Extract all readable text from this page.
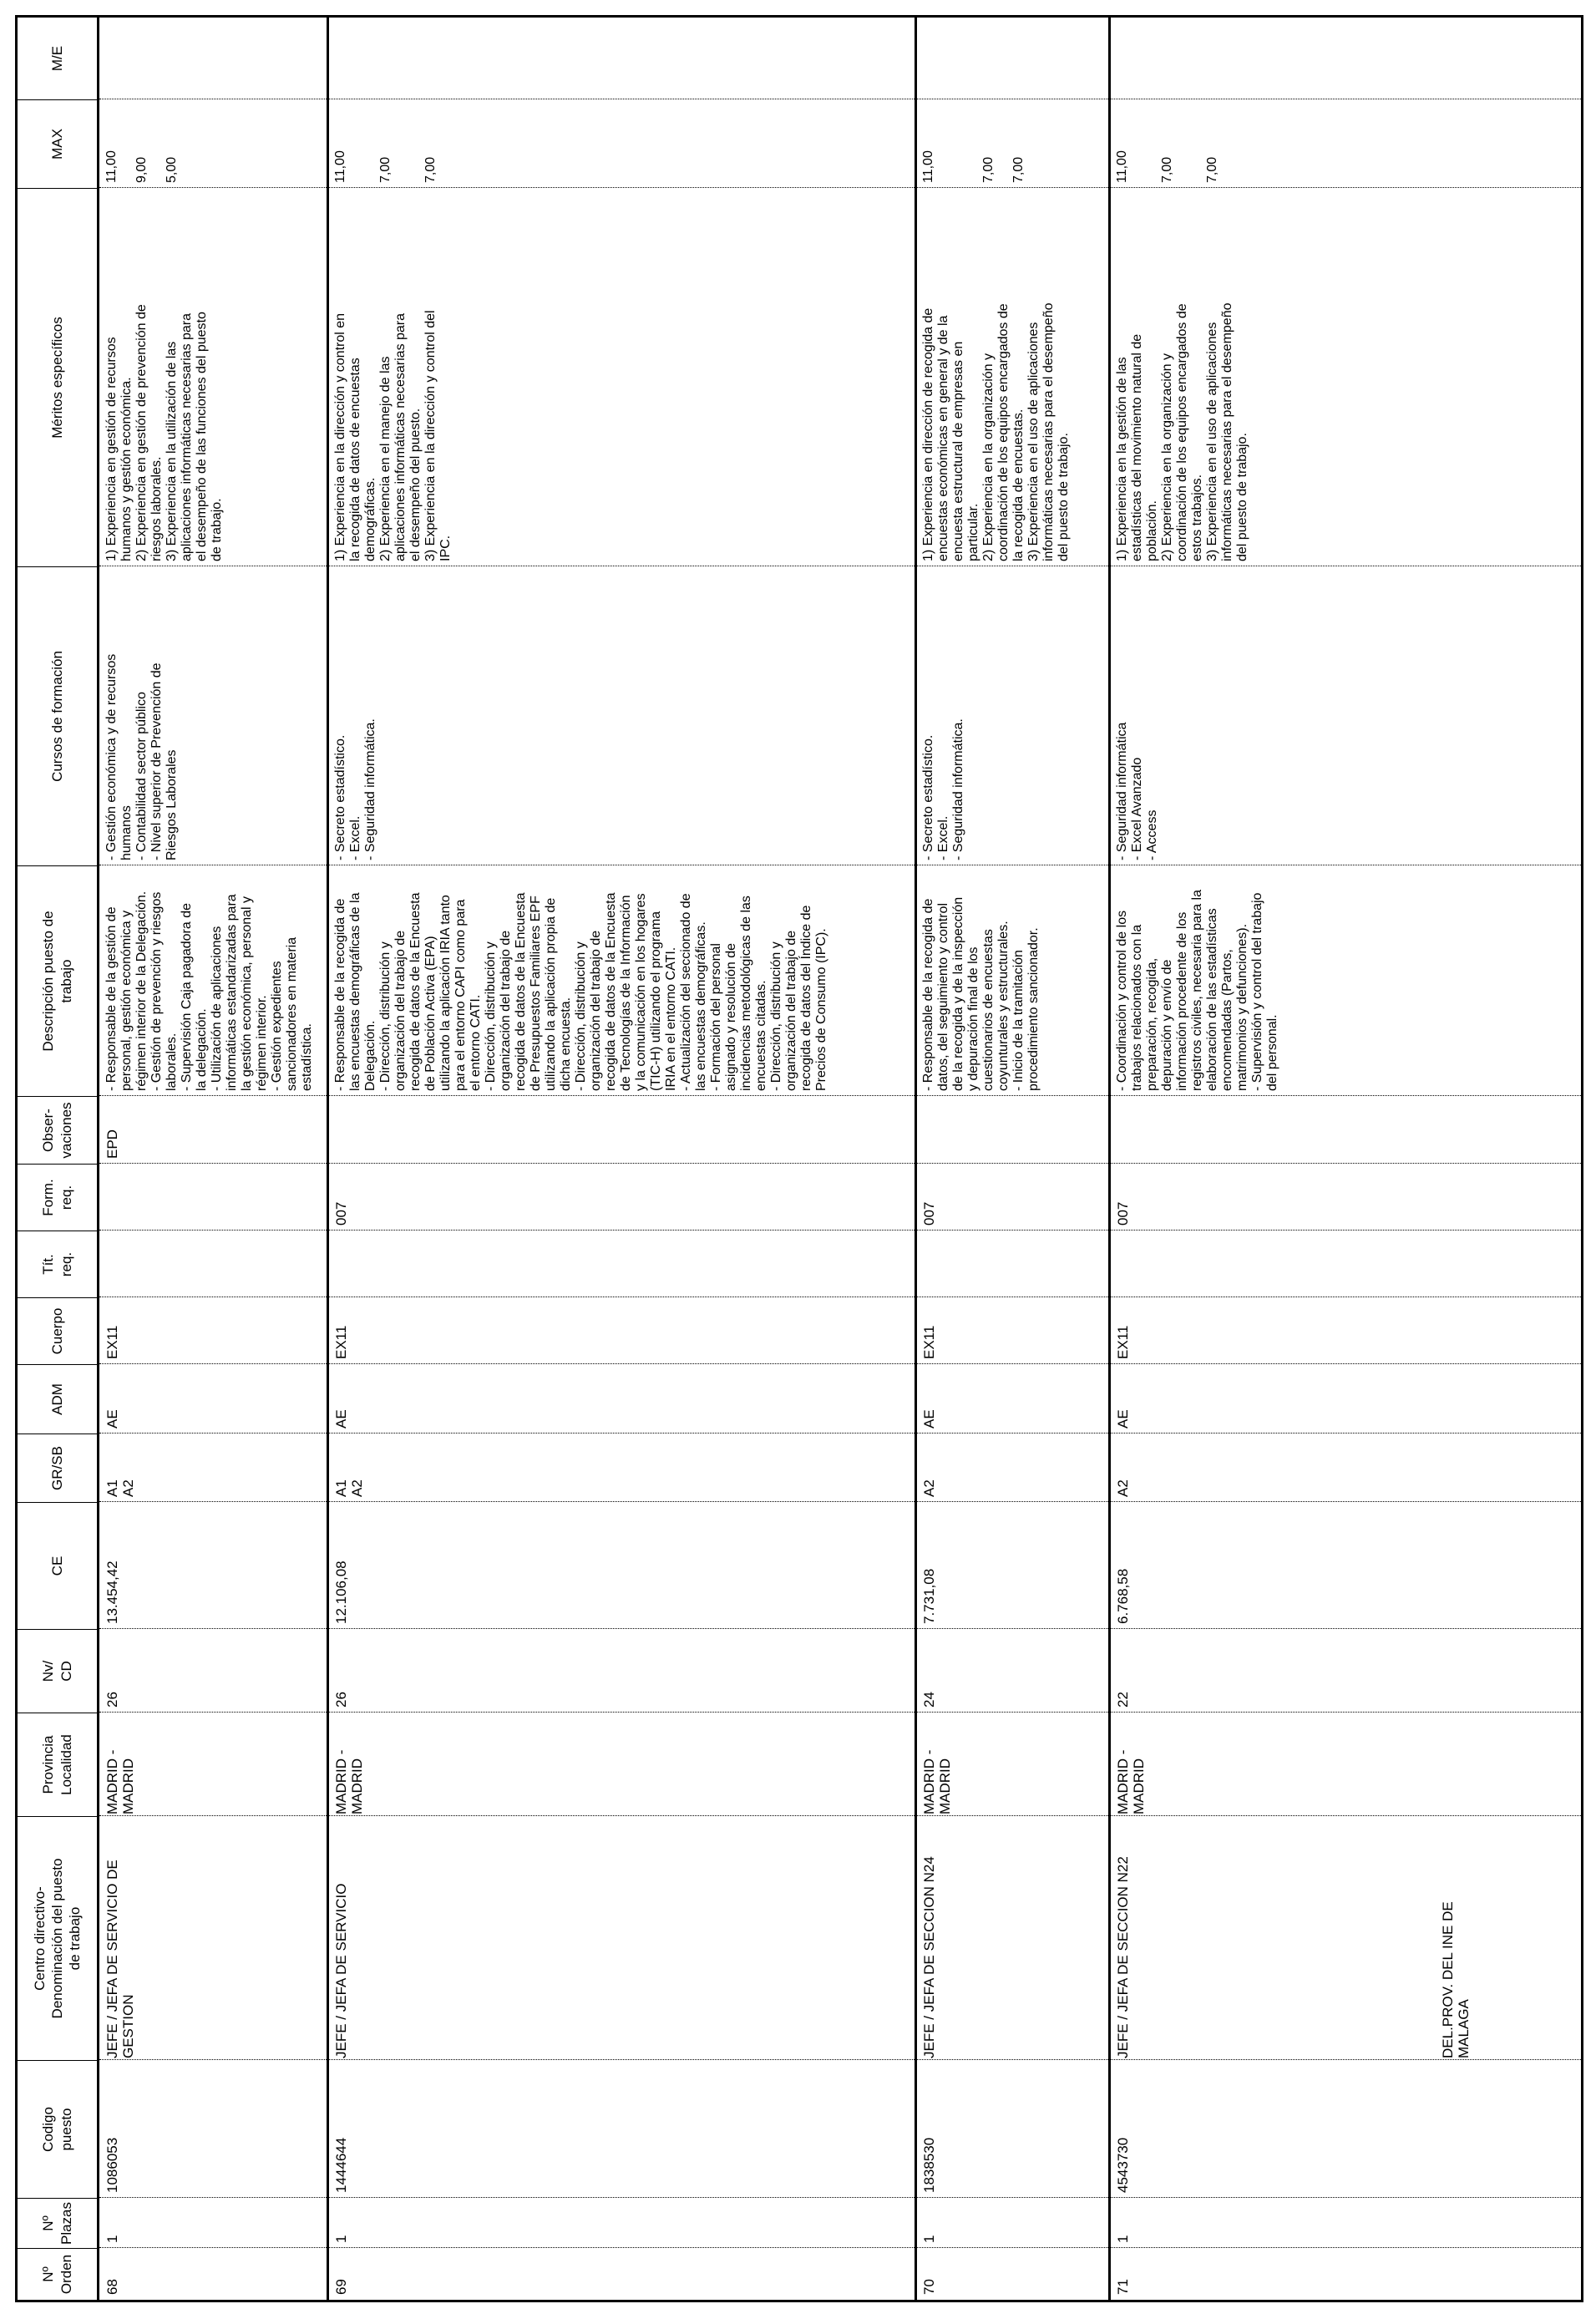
Nº
Orden
Nº
Plazas
Codigo
puesto
Centro directivo-
Denominación del puesto
de trabajo
Provincia
Localidad
Nv/
CD
CE
GR/SB
ADM
Cuerpo
Tít.
req.
Form.
req.
Obser-
vaciones
Descripción puesto de
trabajo
Cursos de formación
Méritos específicos
MAX
M/E
68
1
1086053
JEFE / JEFA DE SERVICIO DE
GESTION
MADRID -
MADRID
26
13.454,42
A1
A2
AE
EX11
EPD
- Responsable de la gestión de
personal, gestión económica y
régimen interior de la Delegación.
- Gestión de prevención y riesgos
laborales.
- Supervisión Caja pagadora de
la delegación.
- Utilización de aplicaciones
informáticas estandarizadas para
la gestión económica, personal y
régimen interior.
- Gestión expedientes
sancionadores en materia
estadística.
- Gestión económica y de recursos
humanos
- Contabilidad sector público
- Nivel superior de Prevención de
Riesgos Laborales
1) Experiencia en gestión de recursos
humanos y gestión económica.
2) Experiencia en gestión de prevención de
riesgos laborales.
3) Experiencia en la utilización de las
aplicaciones informáticas necesarias para
el desempeño de las funciones del puesto
de trabajo.
11,00

9,00

5,00
69
1
1444644
JEFE / JEFA DE SERVICIO
MADRID -
MADRID
26
12.106,08
A1
A2
AE
EX11
007
- Responsable de la recogida de
las encuestas demográficas de la
Delegación.
- Dirección, distribución y
organización del trabajo de
recogida de datos de la Encuesta
de Población Activa (EPA)
utilizando la aplicación IRIA tanto
para el entorno CAPI como para
el entorno CATI.
- Dirección, distribución y
organización del trabajo de
recogida de datos de la Encuesta
de Presupuestos Familiares EPF
utilizando la aplicación propia de
dicha encuesta.
- Dirección, distribución y
organización del trabajo de
recogida de datos de la Encuesta
de Tecnologías de la Información
y la comunicación en los hogares
(TIC-H) utilizando el programa
IRIA en el entorno CATI.
- Actualización del seccionado de
las encuestas demográficas.
- Formación del personal
asignado y resolución de
incidencias metodológicas de las
encuestas citadas.
- Dirección, distribución y
organización del trabajo de
recogida de datos del Índice de
Precios de Consumo (IPC).
- Secreto estadístico.
- Excel.
- Seguridad informática.
1) Experiencia en la dirección y control en
la recogida de datos de encuestas
demográficas.
2) Experiencia en el manejo de las
aplicaciones informáticas necesarias para
el desempeño del puesto.
3) Experiencia en la dirección y control del
IPC.
11,00

7,00

7,00
70
1
1838530
JEFE / JEFA DE SECCION N24
MADRID -
MADRID
24
7.731,08
A2
AE
EX11
007
- Responsable de la recogida de
datos, del seguimiento y control
de la recogida y de la inspección
y depuración final de los
cuestionarios de encuestas
coyunturales y estructurales.
- Inicio de la tramitación
procedimiento sancionador.
- Secreto estadístico.
- Excel.
- Seguridad informática.
1) Experiencia en dirección de recogida de
encuestas económicas en general y de la
encuesta estructural de empresas en
particular.
2) Experiencia en la organización y
coordinación de los equipos encargados de
la recogida de encuestas.
3) Experiencia en el uso de aplicaciones
informáticas necesarias para el desempeño
del puesto de trabajo.
11,00

7,00

7,00
71
1
4543730
JEFE / JEFA DE SECCION N22
MADRID -
MADRID
22
6.768,58
A2
AE
EX11
007
- Coordinación y control de los
trabajos relacionados con la
preparación, recogida,
depuración y envío de
información procedente de los
registros civiles, necesaria para la
elaboración de las estadísticas
encomendadas (Partos,
matrimonios y defunciones).
- Supervisión y control del trabajo
del personal.
- Seguridad informática
- Excel Avanzado
- Access
1) Experiencia en la gestión de las
estadísticas del movimiento natural de
población.
2) Experiencia en la organización y
coordinación de los equipos encargados de
estos trabajos.
3) Experiencia en el uso de aplicaciones
informáticas necesarias para el desempeño
del puesto de trabajo.
11,00

7,00

7,00
DEL.PROV. DEL INE DE
MALAGA
